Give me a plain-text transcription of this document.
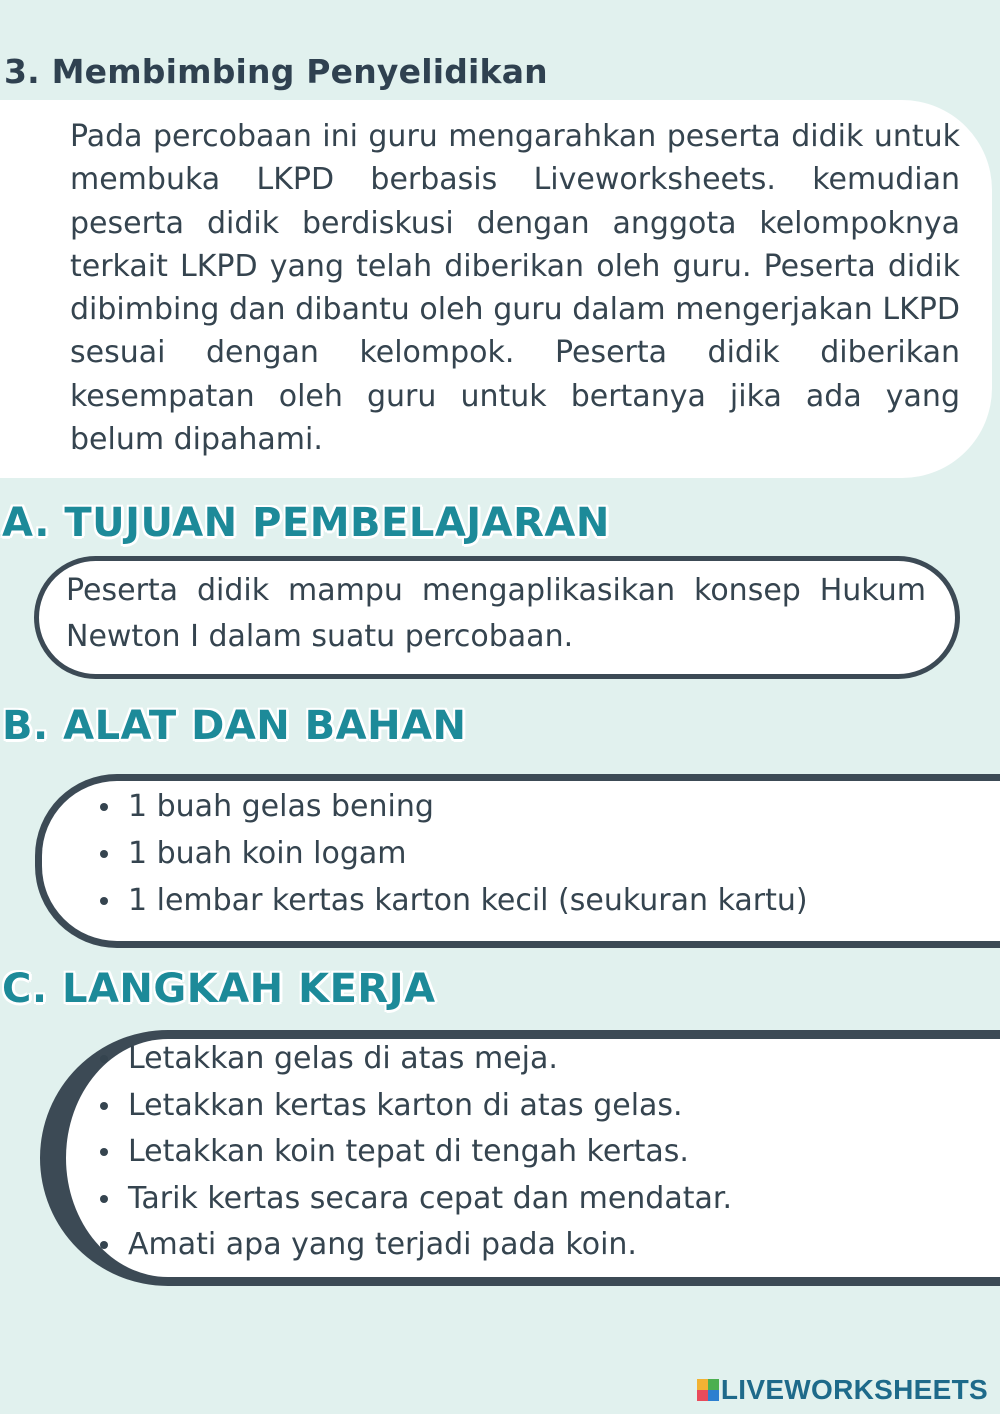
3. Membimbing Penyelidikan

Pada percobaan ini guru mengarahkan peserta didik untuk membuka LKPD berbasis Liveworksheets. kemudian peserta didik berdiskusi dengan anggota kelompoknya terkait LKPD yang telah diberikan oleh guru. Peserta didik dibimbing dan dibantu oleh guru dalam mengerjakan LKPD sesuai dengan kelompok. Peserta didik diberikan kesempatan oleh guru untuk bertanya jika ada yang belum dipahami.

A. TUJUAN PEMBELAJARAN

Peserta didik mampu mengaplikasikan konsep Hukum Newton I dalam suatu percobaan.

B. ALAT DAN BAHAN
1 buah gelas bening
1 buah koin logam
1 lembar kertas karton kecil (seukuran kartu)
C. LANGKAH KERJA
Letakkan gelas di atas meja.
Letakkan kertas karton di atas gelas.
Letakkan koin tepat di tengah kertas.
Tarik kertas secara cepat dan mendatar.
Amati apa yang terjadi pada koin.
LIVEWORKSHEETS
